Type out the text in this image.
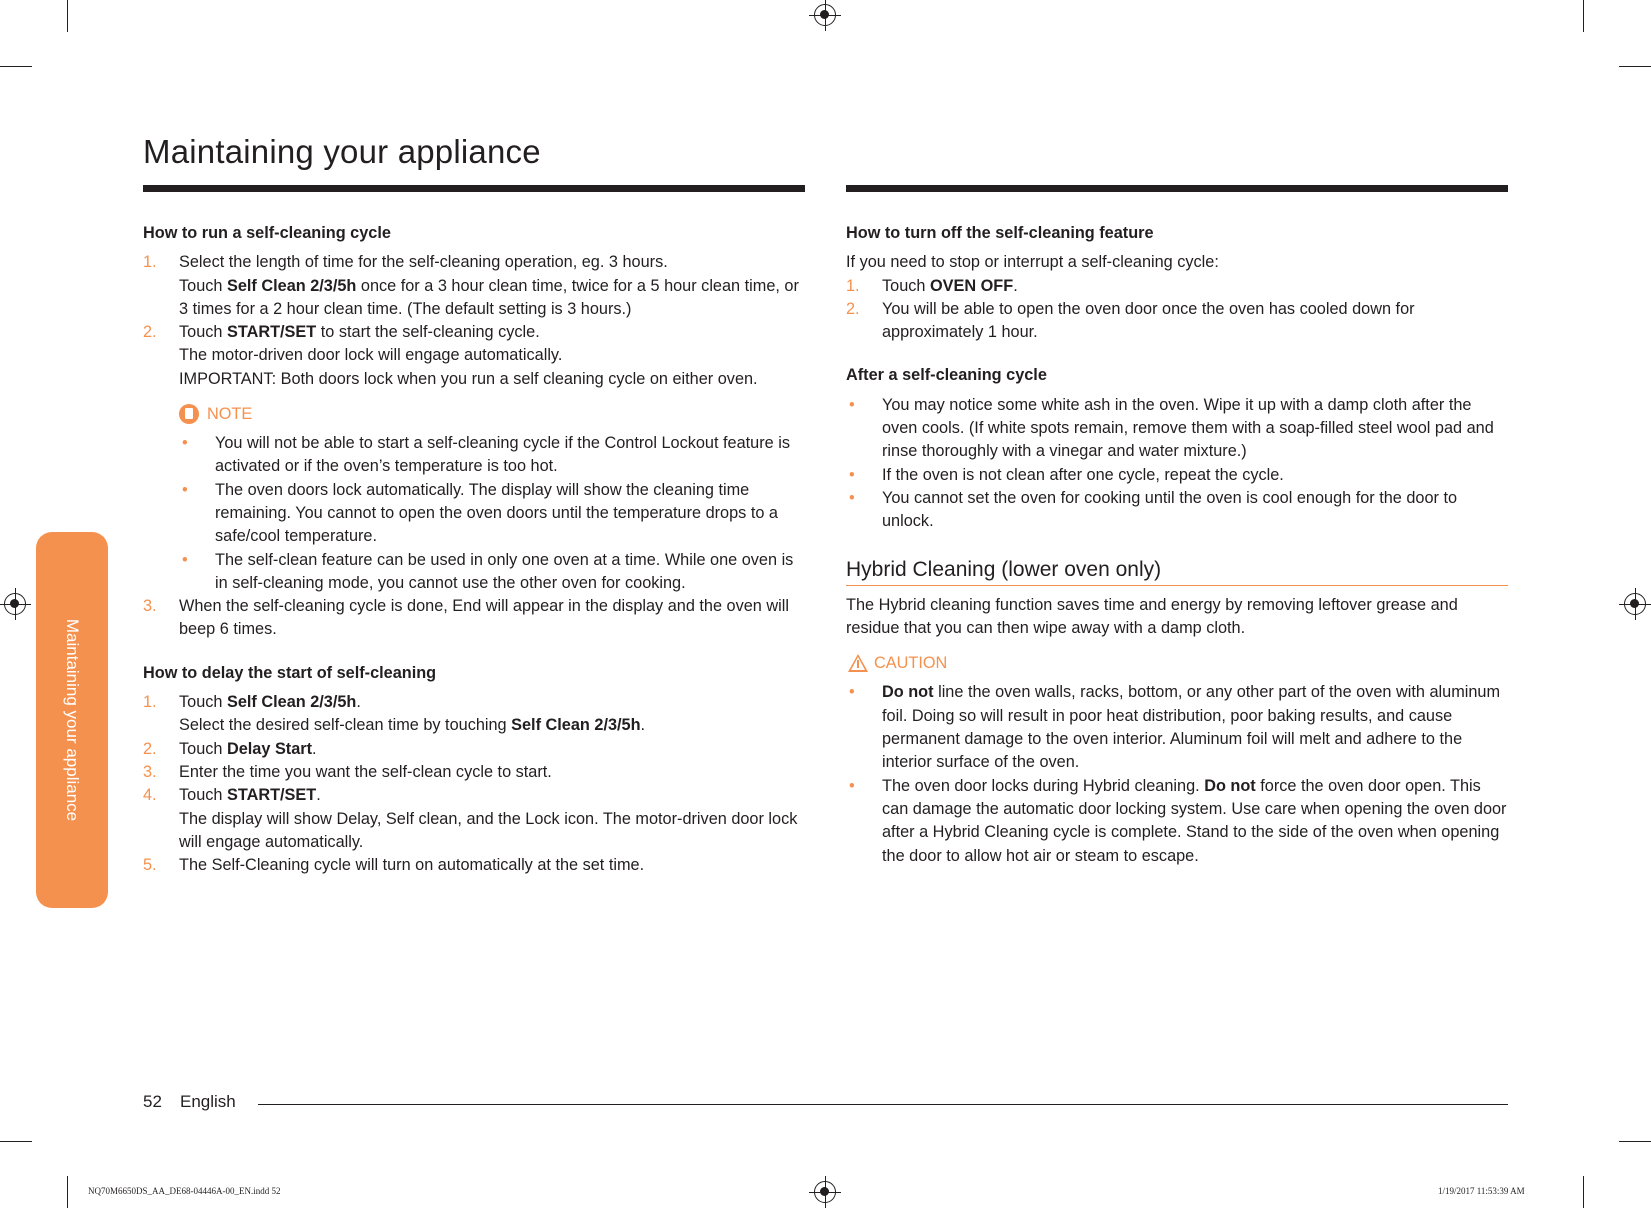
Maintaining your appliance
Maintaining your appliance
How to run a self-cleaning cycle
1. Select the length of time for the self-cleaning operation, eg. 3 hours.
Touch Self Clean 2/3/5h once for a 3 hour clean time, twice for a 5 hour clean time, or 3 times for a 2 hour clean time. (The default setting is 3 hours.)
2. Touch START/SET to start the self-cleaning cycle.
The motor-driven door lock will engage automatically.
IMPORTANT: Both doors lock when you run a self cleaning cycle on either oven.
NOTE
• You will not be able to start a self-cleaning cycle if the Control Lockout feature is activated or if the oven’s temperature is too hot.
• The oven doors lock automatically. The display will show the cleaning time remaining. You cannot to open the oven doors until the temperature drops to a safe/cool temperature.
• The self-clean feature can be used in only one oven at a time. While one oven is in self-cleaning mode, you cannot use the other oven for cooking.
3. When the self-cleaning cycle is done, End will appear in the display and the oven will beep 6 times.
How to delay the start of self-cleaning
1. Touch Self Clean 2/3/5h.
Select the desired self-clean time by touching Self Clean 2/3/5h.
2. Touch Delay Start.
3. Enter the time you want the self-clean cycle to start.
4. Touch START/SET.
The display will show Delay, Self clean, and the Lock icon. The motor-driven door lock will engage automatically.
5. The Self-Cleaning cycle will turn on automatically at the set time.
How to turn off the self-cleaning feature

If you need to stop or interrupt a self-cleaning cycle:

1. Touch OVEN OFF.
2. You will be able to open the oven door once the oven has cooled down for approximately 1 hour.
After a self-cleaning cycle
• You may notice some white ash in the oven. Wipe it up with a damp cloth after the oven cools. (If white spots remain, remove them with a soap-filled steel wool pad and rinse thoroughly with a vinegar and water mixture.)
• If the oven is not clean after one cycle, repeat the cycle.
• You cannot set the oven for cooking until the oven is cool enough for the door to unlock.
Hybrid Cleaning (lower oven only)

The Hybrid cleaning function saves time and energy by removing leftover grease and residue that you can then wipe away with a damp cloth.

CAUTION
• Do not line the oven walls, racks, bottom, or any other part of the oven with aluminum foil. Doing so will result in poor heat distribution, poor baking results, and cause permanent damage to the oven interior. Aluminum foil will melt and adhere to the interior surface of the oven.
• The oven door locks during Hybrid cleaning. Do not force the oven door open. This can damage the automatic door locking system. Use care when opening the oven door after a Hybrid Cleaning cycle is complete. Stand to the side of the oven when opening the door to allow hot air or steam to escape.
52 English
NQ70M6650DS_AA_DE68-04446A-00_EN.indd 52	1/19/2017 11:53:39 AM
